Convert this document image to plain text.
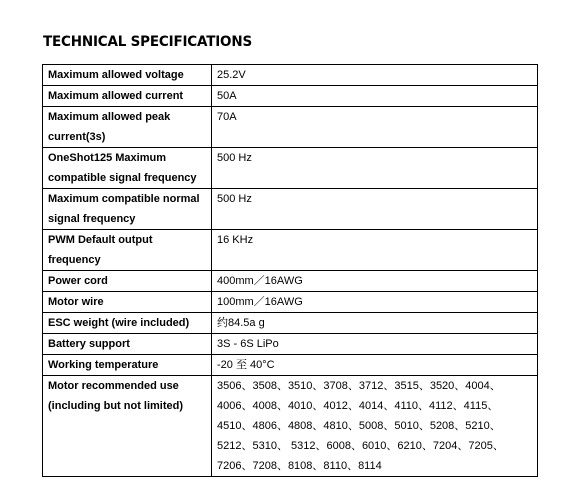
TECHNICAL SPECIFICATIONS
Maximum allowed voltage	25.2V
Maximum allowed current	50A
Maximum allowed peak current(3s)	70A
OneShot125 Maximum compatible signal frequency	500 Hz
Maximum compatible normal signal frequency	500 Hz
PWM Default output frequency	16 KHz
Power cord	400mm／16AWG
Motor wire	100mm／16AWG
ESC weight (wire included)	约84.5a g
Battery support	3S - 6S LiPo
Working temperature	-20 至 40°C
Motor recommended use (including but not limited)	3506、3508、3510、3708、3712、3515、3520、4004、 4006、4008、4010、4012、4014、4110、4112、4115、 4510、4806、4808、4810、5008、5010、5208、5210、 5212、5310、 5312、6008、6010、6210、7204、7205、 7206、7208、8108、8110、8114
